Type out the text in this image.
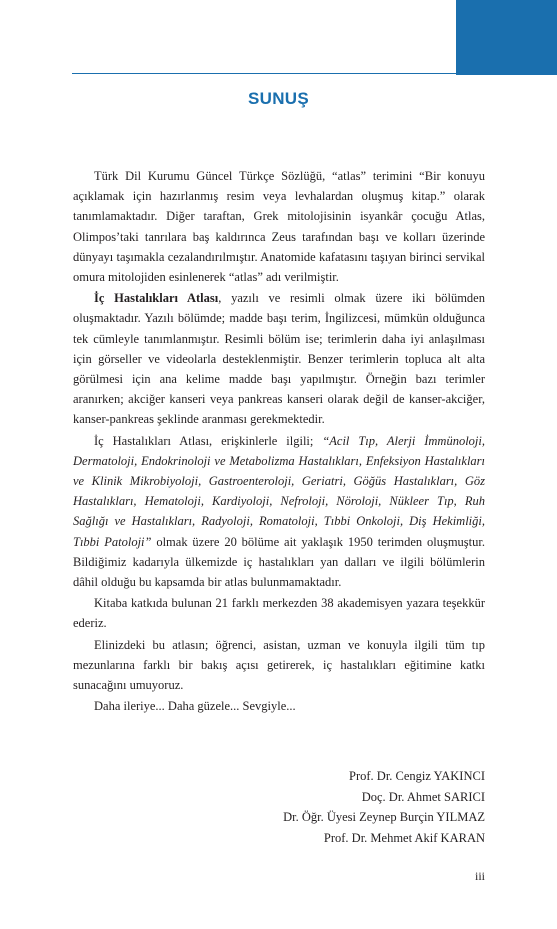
SUNUŞ

Türk Dil Kurumu Güncel Türkçe Sözlüğü, “atlas” terimini “Bir konuyu açıklamak için hazırlanmış resim veya levhalardan oluşmuş kitap.” olarak tanımlamaktadır. Diğer taraftan, Grek mitolojisinin isyankâr çocuğu Atlas, Olimpos’taki tanrılara baş kaldırınca Zeus tarafından başı ve kolları üzerinde dünyayı taşımakla cezalandırılmıştır. Anatomide kafatasını taşıyan birinci servikal omura mitolojiden esinlenerek “atlas” adı verilmiştir.

İç Hastalıkları Atlası, yazılı ve resimli olmak üzere iki bölümden oluşmaktadır. Yazılı bölümde; madde başı terim, İngilizcesi, mümkün olduğunca tek cümleyle tanımlanmıştır. Resimli bölüm ise; terimlerin daha iyi anlaşılması için görseller ve videolarla desteklenmiştir. Benzer terimlerin topluca alt alta görülmesi için ana kelime madde başı yapılmıştır. Örneğin bazı terimler aranırken; akciğer kanseri veya pankreas kanseri olarak değil de kanser-akciğer, kanser-pankreas şeklinde aranması gerekmektedir.

İç Hastalıkları Atlası, erişkinlerle ilgili; “Acil Tıp, Alerji İmmünoloji, Dermatoloji, Endokrinoloji ve Metabolizma Hastalıkları, Enfeksiyon Hastalıkları ve Klinik Mikrobiyoloji, Gastroenteroloji, Geriatri, Göğüs Hastalıkları, Göz Hastalıkları, Hematoloji, Kardiyoloji, Nefroloji, Nöroloji, Nükleer Tıp, Ruh Sağlığı ve Hastalıkları, Radyoloji, Romatoloji, Tıbbi Onkoloji, Diş Hekimliği, Tıbbi Patoloji” olmak üzere 20 bölüme ait yaklaşık 1950 terimden oluşmuştur. Bildiğimiz kadarıyla ülkemizde iç hastalıkları yan dalları ve ilgili bölümlerin dâhil olduğu bu kapsamda bir atlas bulunmamaktadır.

Kitaba katkıda bulunan 21 farklı merkezden 38 akademisyen yazara teşekkür ederiz.

Elinizdeki bu atlasın; öğrenci, asistan, uzman ve konuyla ilgili tüm tıp mezunlarına farklı bir bakış açısı getirerek, iç hastalıkları eğitimine katkı sunacağını umuyoruz.

Daha ileriye... Daha güzele... Sevgiyle...

Prof. Dr. Cengiz YAKINCI
Doç. Dr. Ahmet SARICI
Dr. Öğr. Üyesi Zeynep Burçin YILMAZ
Prof. Dr. Mehmet Akif KARAN
iii
